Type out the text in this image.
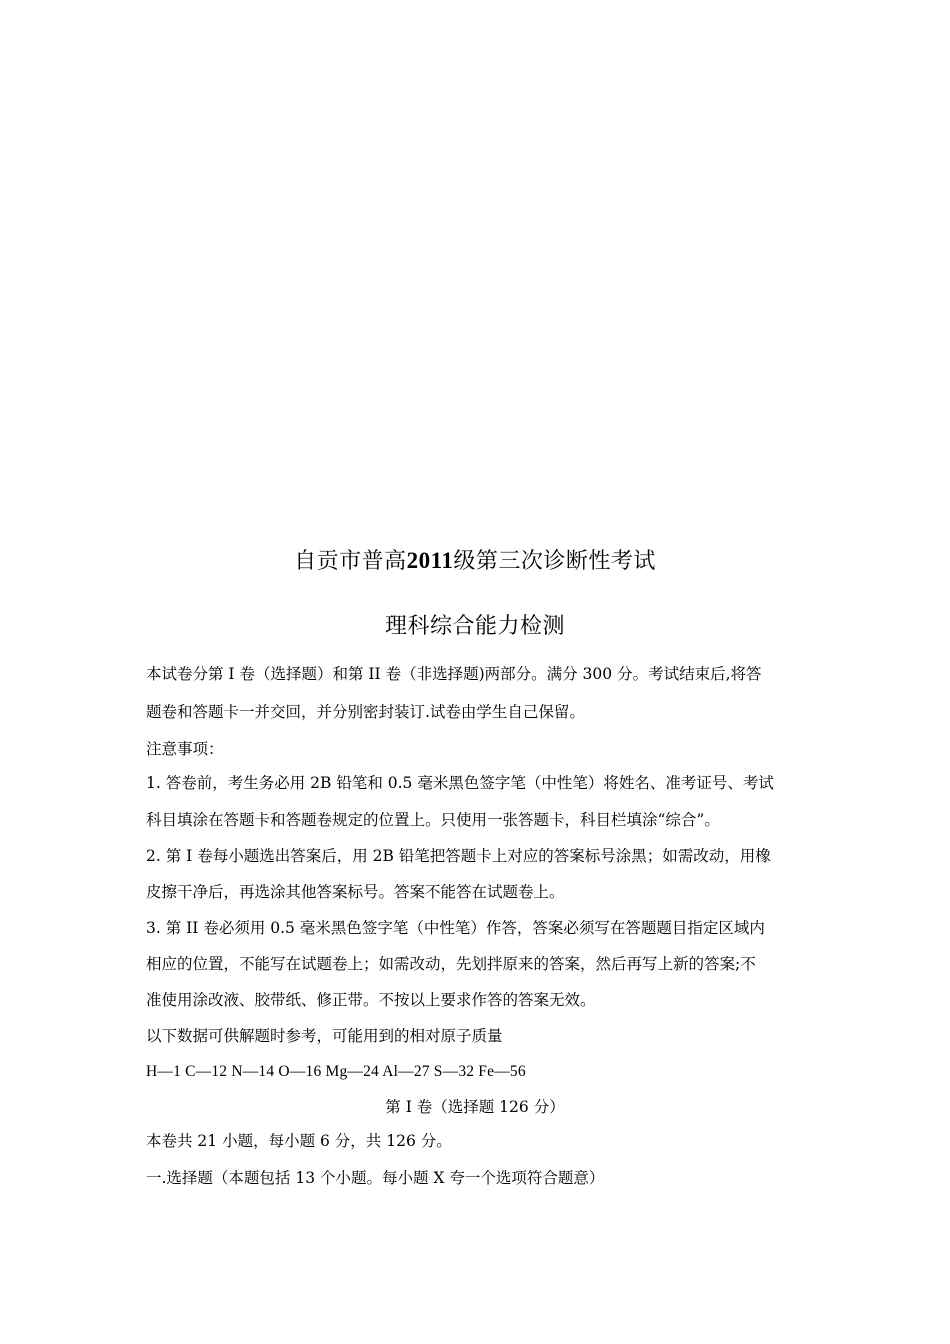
自贡市普高2011级第三次诊断性考试
理科综合能力检测
本试卷分第 I 卷（选择题）和第 II 卷（非选择题)两部分。满分 300 分。考试结束后,将答
题卷和答题卡一并交回，并分别密封装订.试卷由学生自己保留。
注意事项：
1. 答卷前，考生务必用 2B 铅笔和 0.5 毫米黑色签字笔（中性笔）将姓名、准考证号、考试
科目填涂在答题卡和答题卷规定的位置上。只使用一张答题卡，科目栏填涂“综合”。
2. 第 I 卷每小题选出答案后，用 2B 铅笔把答题卡上对应的答案标号涂黑；如需改动，用橡
皮擦干净后，再选涂其他答案标号。答案不能答在试题卷上。
3. 第 II 卷必须用 0.5 毫米黑色签字笔（中性笔）作答，答案必须写在答题题目指定区域内
相应的位置，不能写在试题卷上；如需改动，先划拌原来的答案，然后再写上新的答案;不
准使用涂改液、胶带纸、修正带。不按以上要求作答的答案无效。
以下数据可供解题时参考，可能用到的相对原子质量
H—1 C—12 N—14 O—16 Mg—24 Al—27 S—32 Fe—56
第 I 卷（选择题 126 分）
本卷共 21 小题，每小题 6 分，共 126 分。
一.选择题（本题包括 13 个小题。每小题 X 夸一个选项符合题意）
